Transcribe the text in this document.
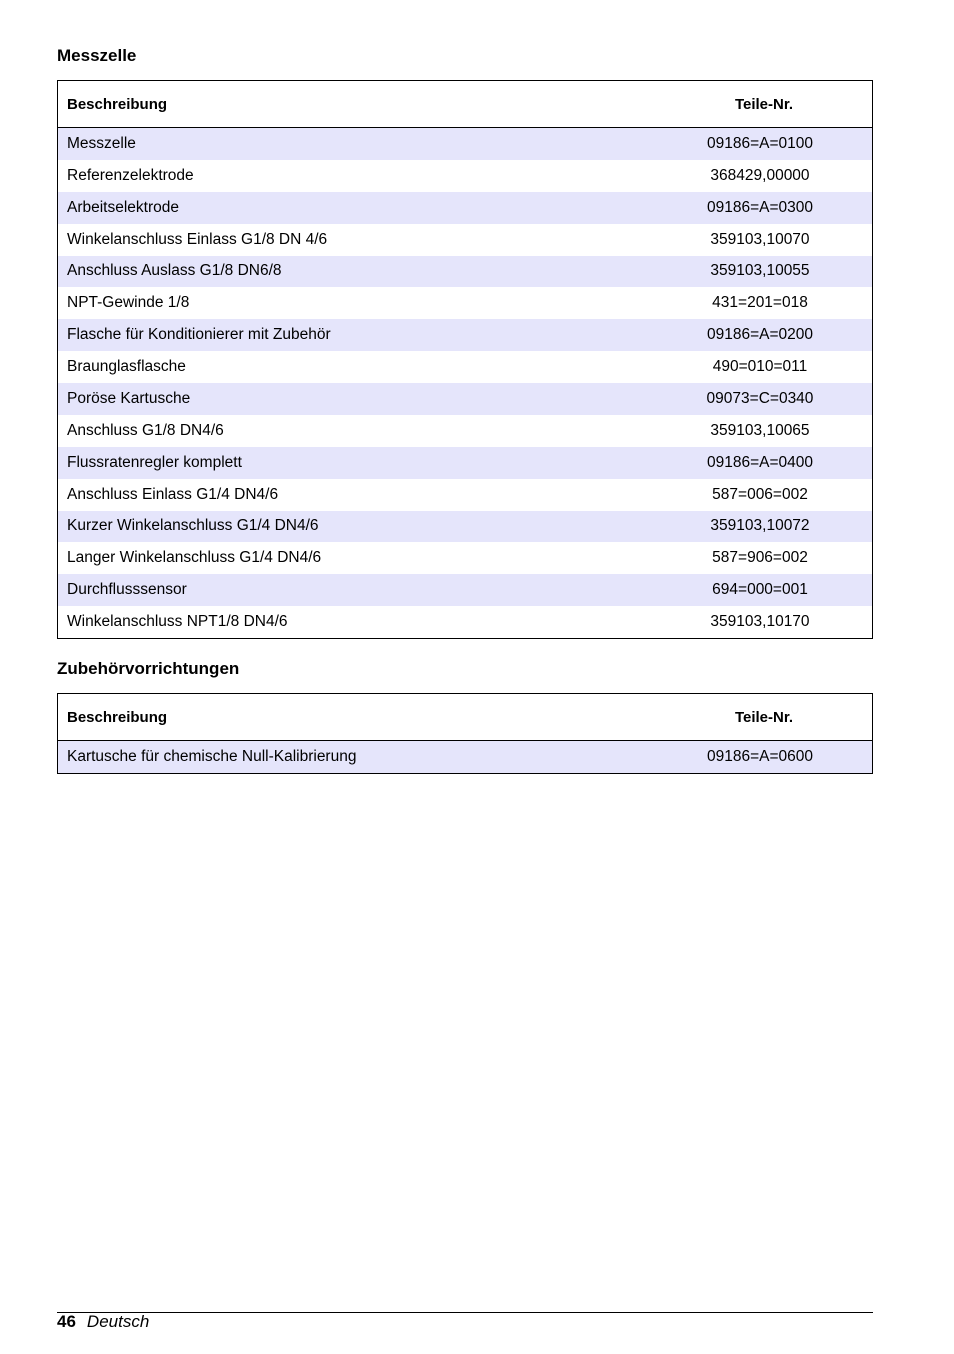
Messzelle
Beschreibung	Teile-Nr.
Messzelle	09186=A=0100
Referenzelektrode	368429,00000
Arbeitselektrode	09186=A=0300
Winkelanschluss Einlass G1/8 DN 4/6	359103,10070
Anschluss Auslass G1/8 DN6/8	359103,10055
NPT-Gewinde 1/8	431=201=018
Flasche für Konditionierer mit Zubehör	09186=A=0200
Braunglasflasche	490=010=011
Poröse Kartusche	09073=C=0340
Anschluss G1/8 DN4/6	359103,10065
Flussratenregler komplett	09186=A=0400
Anschluss Einlass G1/4 DN4/6	587=006=002
Kurzer Winkelanschluss G1/4 DN4/6	359103,10072
Langer Winkelanschluss G1/4 DN4/6	587=906=002
Durchflusssensor	694=000=001
Winkelanschluss NPT1/8 DN4/6	359103,10170
Zubehörvorrichtungen
Beschreibung	Teile-Nr.
Kartusche für chemische Null-Kalibrierung	09186=A=0600
46 Deutsch
